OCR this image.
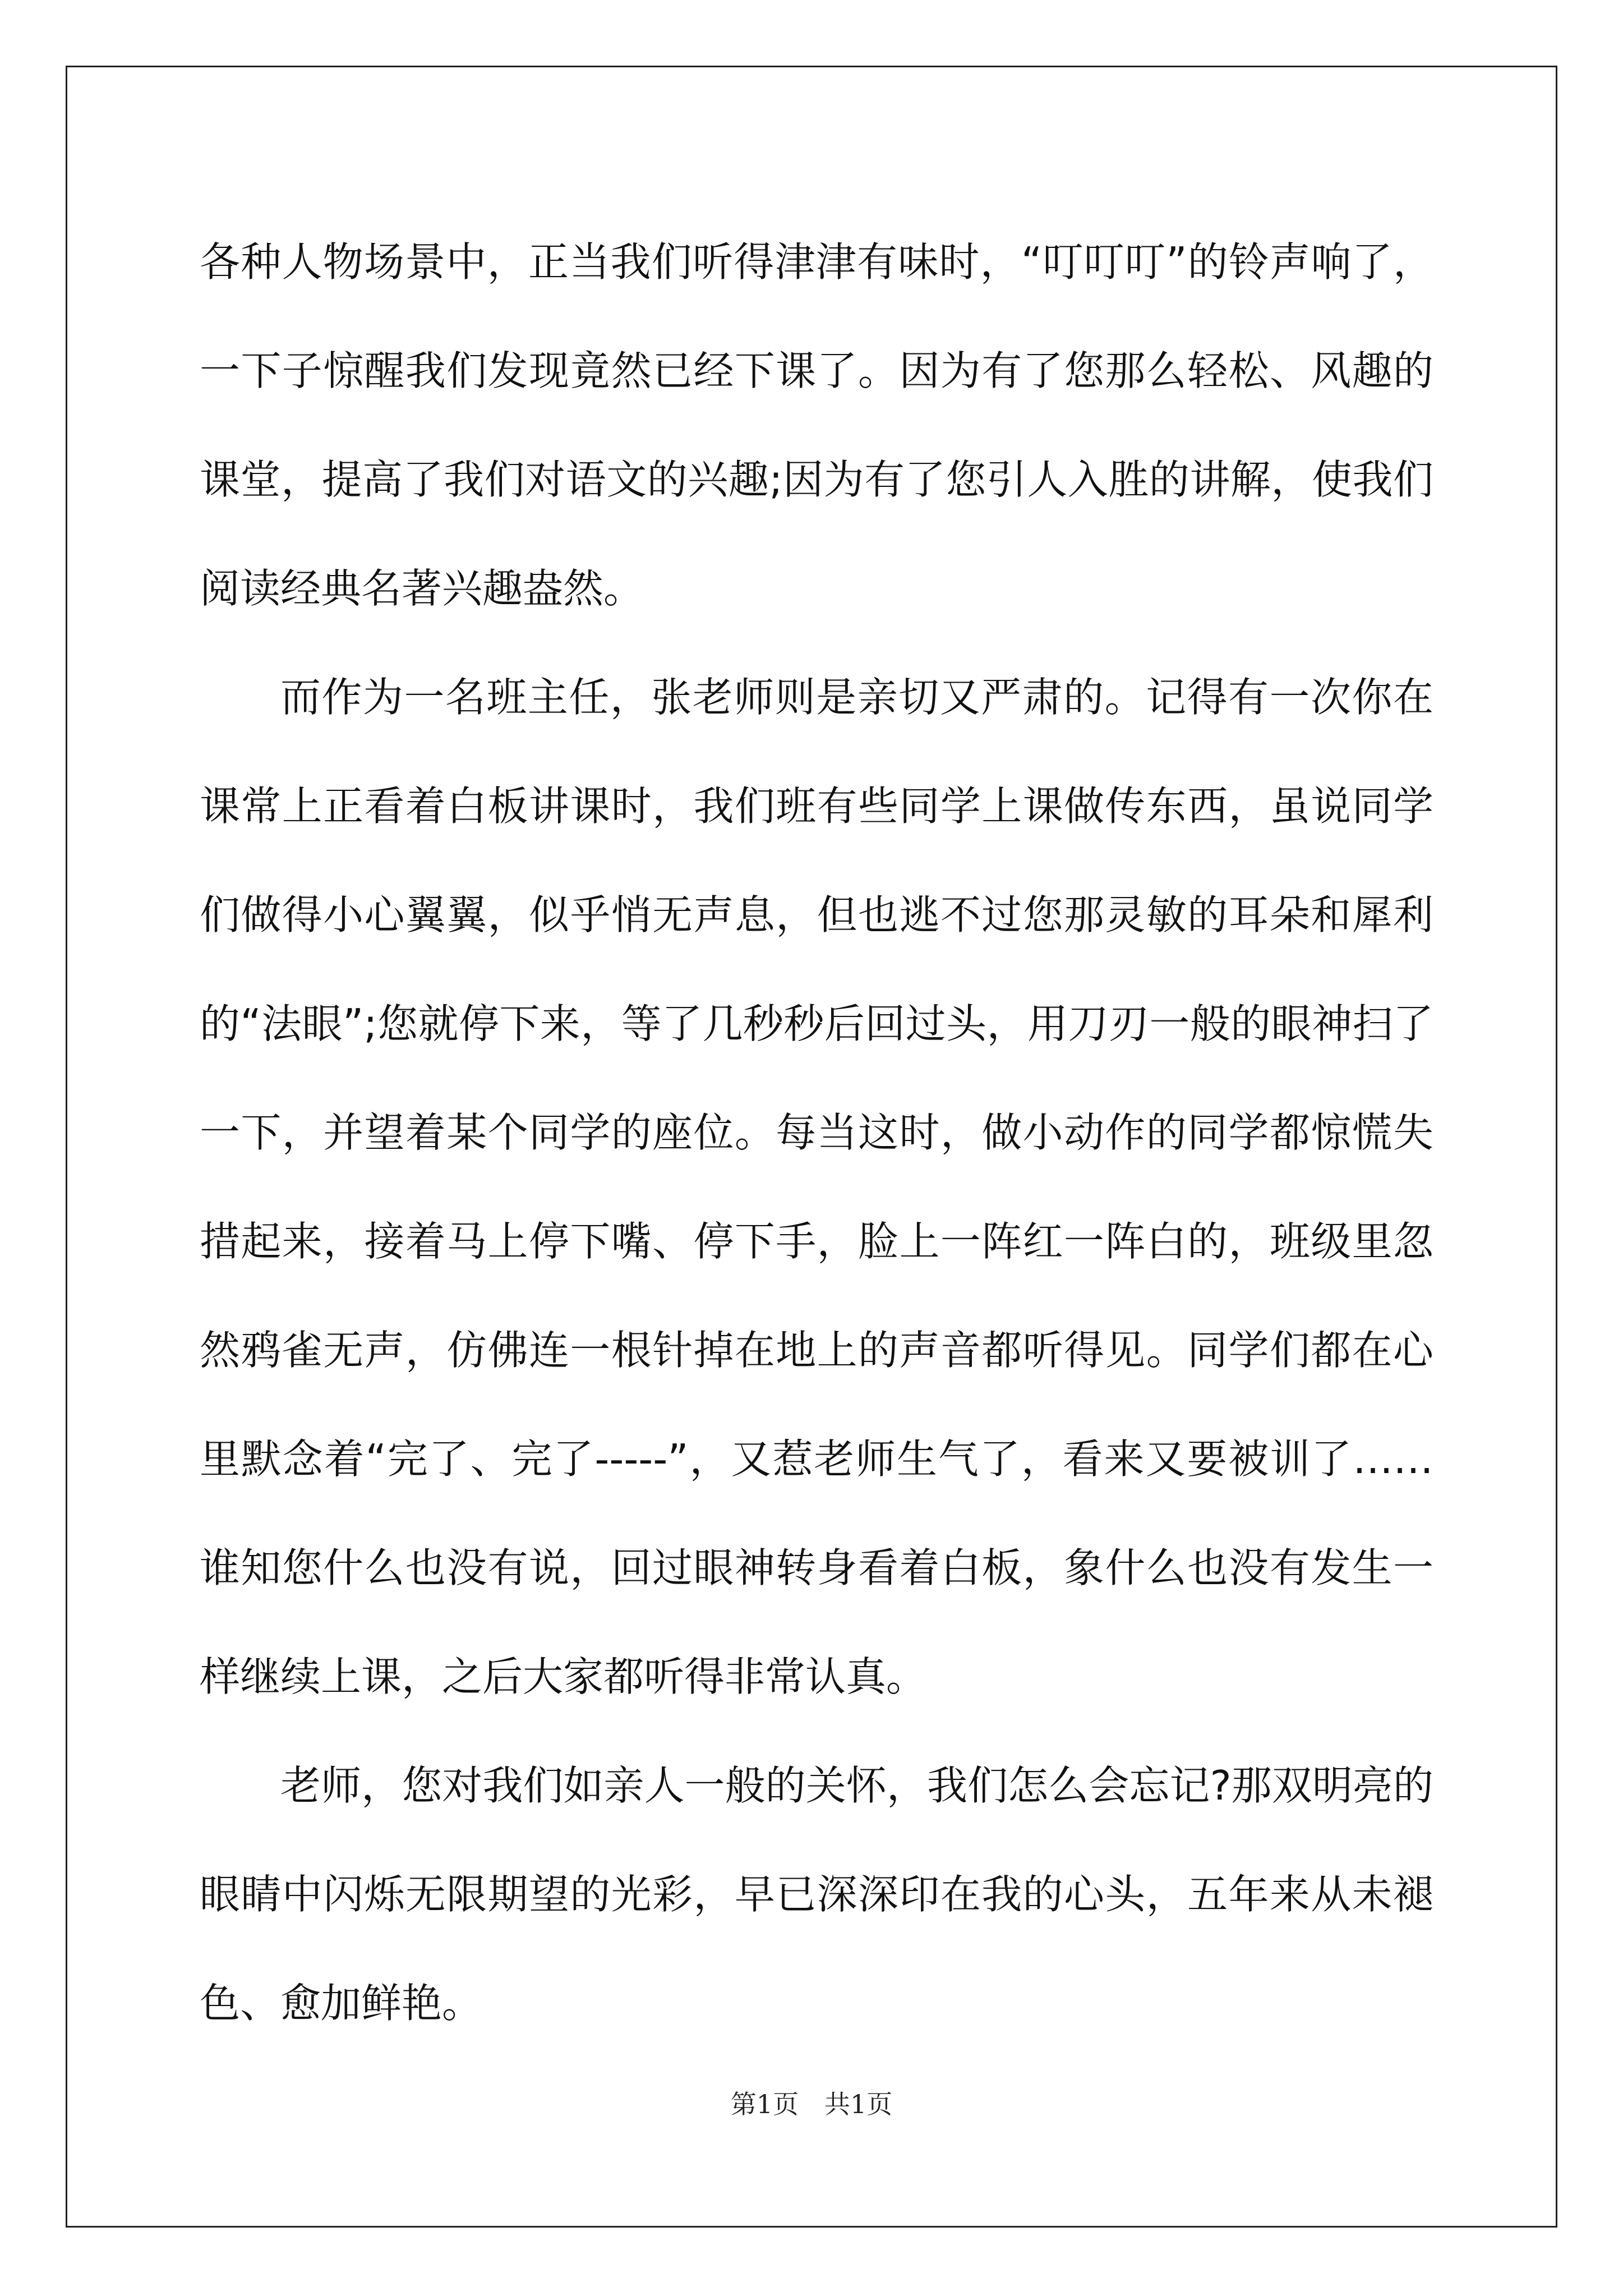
各种人物场景中，正当我们听得津津有味时，“叮叮叮”的铃声响了，一下子惊醒我们发现竟然已经下课了。因为有了您那么轻松、风趣的课堂，提高了我们对语文的兴趣;因为有了您引人入胜的讲解，使我们阅读经典名著兴趣盎然。

而作为一名班主任，张老师则是亲切又严肃的。记得有一次你在课常上正看着白板讲课时，我们班有些同学上课做传东西，虽说同学们做得小心翼翼，似乎悄无声息，但也逃不过您那灵敏的耳朵和犀利的“法眼”;您就停下来，等了几秒秒后回过头，用刀刃一般的眼神扫了一下，并望着某个同学的座位。每当这时，做小动作的同学都惊慌失措起来，接着马上停下嘴、停下手，脸上一阵红一阵白的，班级里忽然鸦雀无声，仿佛连一根针掉在地上的声音都听得见。同学们都在心里默念着“完了、完了-----”，又惹老师生气了，看来又要被训了……谁知您什么也没有说，回过眼神转身看着白板，象什么也没有发生一样继续上课，之后大家都听得非常认真。

老师，您对我们如亲人一般的关怀，我们怎么会忘记?那双明亮的眼睛中闪烁无限期望的光彩，早已深深印在我的心头，五年来从未褪色、愈加鲜艳。

第1页　共1页
